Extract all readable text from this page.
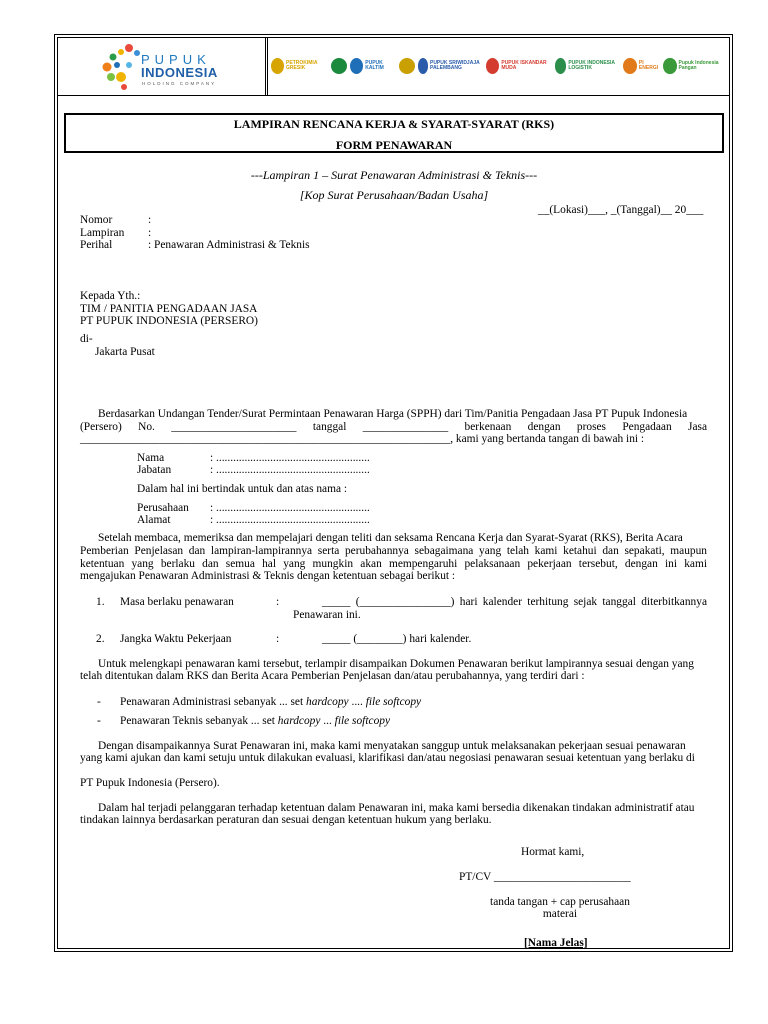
PUPUK
INDONESIA
HOLDING COMPANY
PETROKIMIA GRESIK
PUPUK KALTIM
PUPUK SRIWIDJAJA PALEMBANG
PUPUK ISKANDAR MUDA
PUPUK INDONESIA LOGISTIK
PI ENERGI
Pupuk Indonesia Pangan
LAMPIRAN RENCANA KERJA & SYARAT-SYARAT (RKS)
FORM PENAWARAN
---Lampiran 1 – Surat Penawaran Administrasi & Teknis---
[Kop Surat Perusahaan/Badan Usaha]
__(Lokasi)___, _(Tanggal)__ 20___
Nomor	:
Lampiran :
Perihal	: Penawaran Administrasi & Teknis
Kepada Yth.:
TIM / PANITIA PENGADAAN JASA
PT PUPUK INDONESIA (PERSERO)
di-
Jakarta Pusat
Berdasarkan Undangan Tender/Surat Permintaan Penawaran Harga (SPPH) dari Tim/Panitia Pengadaan Jasa PT Pupuk Indonesia
(Persero) No. ______________________ tanggal _______________ berkenaan dengan proses Pengadaan Jasa
_________________________________________________________________, kami yang bertanda tangan di bawah ini :
Nama	: ......................................................
Jabatan	: ......................................................
Dalam hal ini bertindak untuk dan atas nama :
Perusahaan : ......................................................
Alamat	: ......................................................
Setelah membaca, memeriksa dan mempelajari dengan teliti dan seksama Rencana Kerja dan Syarat-Syarat (RKS), Berita Acara
Pemberian Penjelasan dan lampiran-lampirannya serta perubahannya sebagaimana yang telah kami ketahui dan sepakati, maupun
ketentuan yang berlaku dan semua hal yang mungkin akan mempengaruhi pelaksanaan pekerjaan tersebut, dengan ini kami
mengajukan Penawaran Administrasi & Teknis dengan ketentuan sebagai berikut :
1. Masa berlaku penawaran	:	_____ (________________) hari kalender terhitung sejak tanggal diterbitkannya
Penawaran ini.
2. Jangka Waktu Pekerjaan	:	_____ (________) hari kalender.
Untuk melengkapi penawaran kami tersebut, terlampir disampaikan Dokumen Penawaran berikut lampirannya sesuai dengan yang
telah ditentukan dalam RKS dan Berita Acara Pemberian Penjelasan dan/atau perubahannya, yang terdiri dari :
- Penawaran Administrasi sebanyak ... set hardcopy .... file softcopy
- Penawaran Teknis sebanyak ... set hardcopy ... file softcopy
Dengan disampaikannya Surat Penawaran ini, maka kami menyatakan sanggup untuk melaksanakan pekerjaan sesuai penawaran
yang kami ajukan dan kami setuju untuk dilakukan evaluasi, klarifikasi dan/atau negosiasi penawaran sesuai ketentuan yang berlaku di
PT Pupuk Indonesia (Persero).
Dalam hal terjadi pelanggaran terhadap ketentuan dalam Penawaran ini, maka kami bersedia dikenakan tindakan administratif atau
tindakan lainnya berdasarkan peraturan dan sesuai dengan ketentuan hukum yang berlaku.
Hormat kami,
PT/CV ________________________
tanda tangan + cap perusahaan
materai
[Nama Jelas]
